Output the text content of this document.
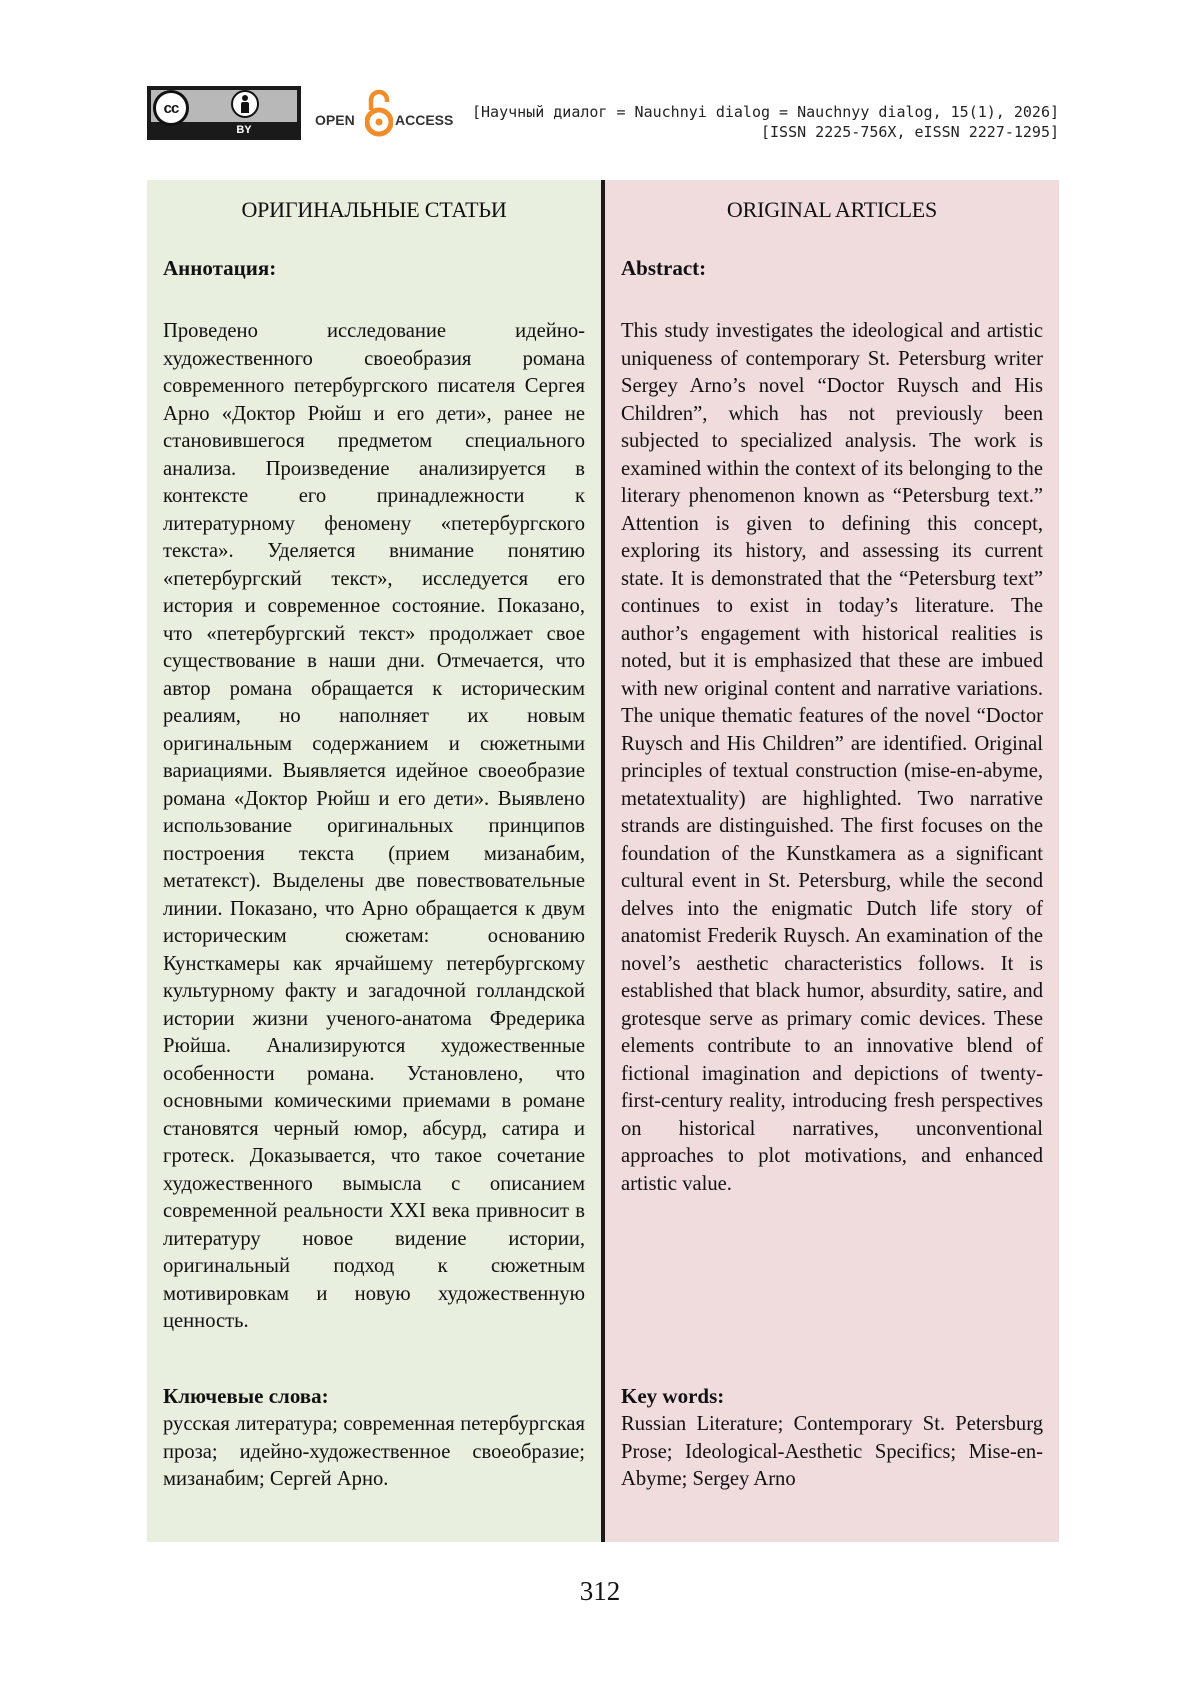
cc
BY
OPEN	ACCESS [Научный диалог = Nauchnyi dialog = Nauchnyy dialog, 15(1), 2026]
[ISSN 2225-756X, eISSN 2227-1295]
ОРИГИНАЛЬНЫЕ СТАТЬИ
Аннотация:
Проведено исследование идейно-художественного своеобразия романа современного петербургского писателя Сергея Арно «Доктор Рюйш и его дети», ранее не становившегося предметом специального анализа. Произведение анализируется в контексте его принадлежности к литературному феномену «петербургского текста». Уделяется внимание понятию «петербургский текст», исследуется его история и современное состояние. Показано, что «петербургский текст» продолжает свое существование в наши дни. Отмечается, что автор романа обращается к историческим реалиям, но наполняет их новым оригинальным содержанием и сюжетными вариациями. Выявляется идейное своеобразие романа «Доктор Рюйш и его дети». Выявлено использование оригинальных принципов построения текста (прием мизанабим, метатекст). Выделены две повествовательные линии. Показано, что Арно обращается к двум историческим сюжетам: основанию Кунсткамеры как ярчайшему петербургскому культурному факту и загадочной голландской истории жизни ученого-анатома Фредерика Рюйша. Анализируются художественные особенности романа. Установлено, что основными комическими приемами в романе становятся черный юмор, абсурд, сатира и гротеск. Доказывается, что такое сочетание художественного вымысла с описанием современной реальности XXI века привносит в литературу новое видение истории, оригинальный подход к сюжетным мотивировкам и новую художественную ценность.
Ключевые слова:
русская литература; современная петербургская проза; идейно-художественное своеобразие; мизанабим; Сергей Арно.
ORIGINAL ARTICLES
Abstract:
This study investigates the ideological and artistic uniqueness of contemporary St. Petersburg writer Sergey Arno’s novel “Doctor Ruysch and His Children”, which has not previously been subjected to specialized analysis. The work is examined within the context of its belonging to the literary phenomenon known as “Petersburg text.” Attention is given to defining this concept, exploring its history, and assessing its current state. It is demonstrated that the “Petersburg text” continues to exist in today’s literature. The author’s engagement with historical realities is noted, but it is emphasized that these are imbued with new original content and narrative variations. The unique thematic features of the novel “Doctor Ruysch and His Children” are identified. Original principles of textual construction (mise-en-abyme, metatextuality) are highlighted. Two narrative strands are distinguished. The first focuses on the foundation of the Kunstkamera as a significant cultural event in St. Petersburg, while the second delves into the enigmatic Dutch life story of anatomist Frederik Ruysch. An examination of the novel’s aesthetic characteristics follows. It is established that black humor, absurdity, satire, and grotesque serve as primary comic devices. These elements contribute to an innovative blend of fictional imagination and depictions of twenty-first-century reality, introducing fresh perspectives on historical narratives, unconventional approaches to plot motivations, and enhanced artistic value.
Key words:
Russian Literature; Contemporary St. Petersburg Prose; Ideological-Aesthetic Specifics; Mise-en-Abyme; Sergey Arno
312
